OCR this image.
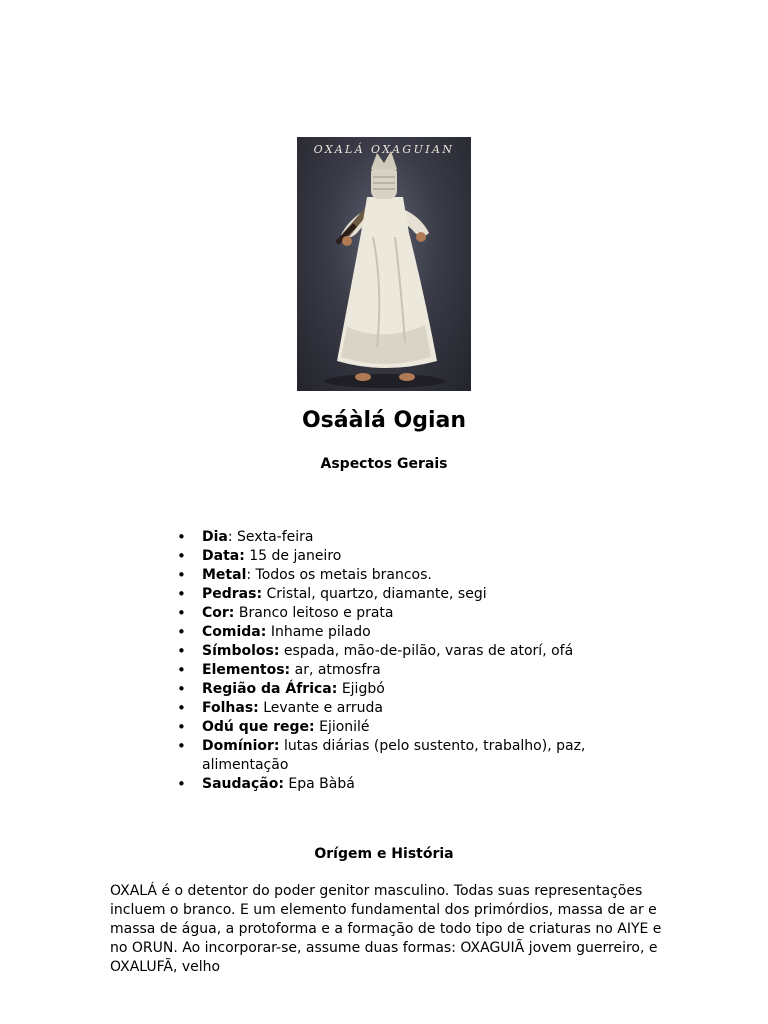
OXALÁ OXAGUIAN
Osáàlá Ogian
Aspectos Gerais
• Dia: Sexta-feira
• Data: 15 de janeiro
• Metal: Todos os metais brancos.
• Pedras: Cristal, quartzo, diamante, segi
• Cor: Branco leitoso e prata
• Comida: Inhame pilado
• Símbolos: espada, mão-de-pilão, varas de atorí, ofá
• Elementos: ar, atmosfra
• Região da África: Ejigbó
• Folhas: Levante e arruda
• Odú que rege: Ejionilé
• Domínior: lutas diárias (pelo sustento, trabalho), paz, alimentação
• Saudação: Epa Bàbá
Orígem e História

OXALÁ é o detentor do poder genitor masculino. Todas suas representações incluem o branco. E um elemento fundamental dos primórdios, massa de ar e massa de água, a protoforma e a formação de todo tipo de criaturas no AIYE e no ORUN. Ao incorporar-se, assume duas formas: OXAGUIÃ jovem guerreiro, e OXALUFÃ, velho
